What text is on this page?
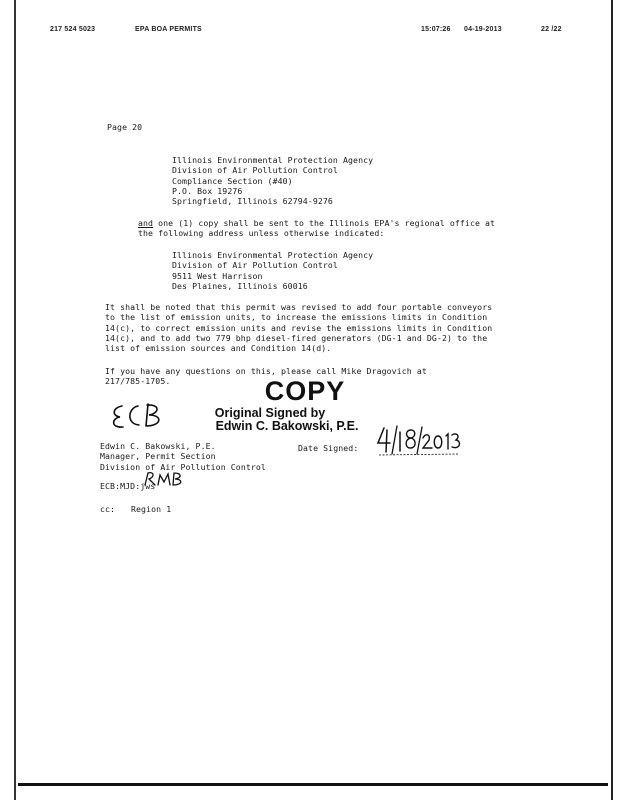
217 524 5023	EPA BOA PERMITS	15:07:26 04-19-2013	22 /22
Page 20
Illinois Environmental Protection Agency
Division of Air Pollution Control
Compliance Section (#40)
P.O. Box 19276
Springfield, Illinois 62794-9276
and one (1) copy shall be sent to the Illinois EPA's regional office at
the following address unless otherwise indicated:
Illinois Environmental Protection Agency
Division of Air Pollution Control
9511 West Harrison
Des Plaines, Illinois 60016
It shall be noted that this permit was revised to add four portable conveyors
to the list of emission units, to increase the emissions limits in Condition
14(c), to correct emission units and revise the emissions limits in Condition
14(c), and to add two 779 bhp diesel-fired generators (DG-1 and DG-2) to the
list of emission sources and Condition 14(d).
If you have any questions on this, please call Mike Dragovich at
217/785-1705.	COPY
Original Signed by
Edwin C. Bakowski, P.E.
Date Signed:
Edwin C. Bakowski, P.E.
Manager, Permit Section
Division of Air Pollution Control
ECB:MJD:jws
cc: Region 1
